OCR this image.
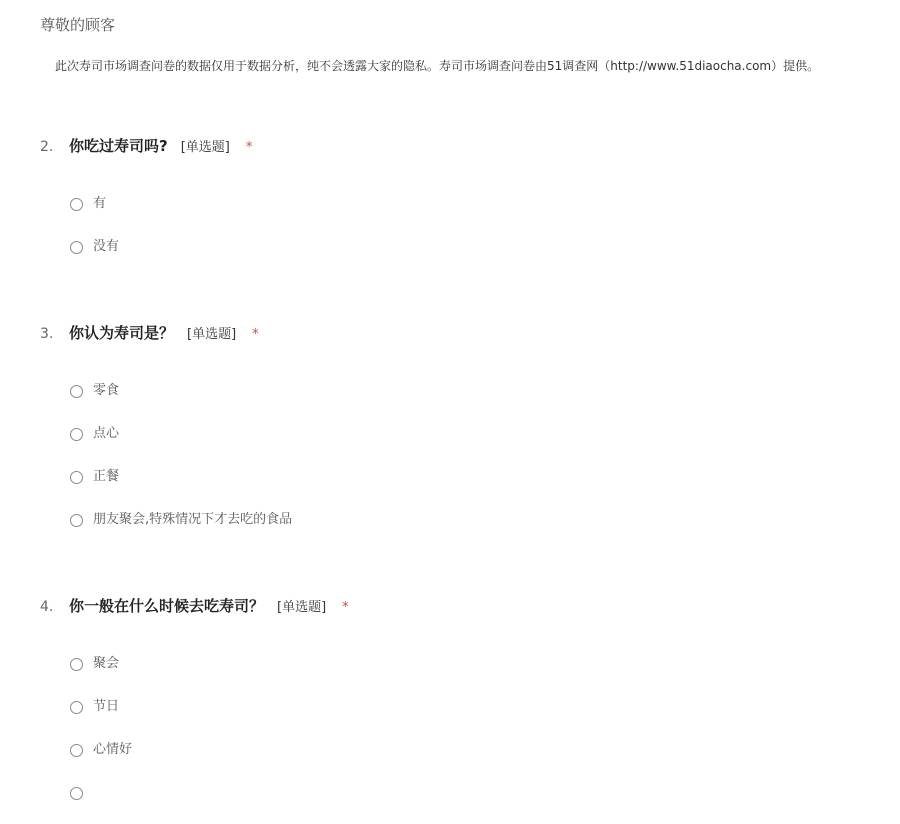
尊敬的顾客
此次寿司市场调查问卷的数据仅用于数据分析，纯不会透露大家的隐私。寿司市场调查问卷由51调查网（http://www.51diaocha.com）提供。
2.	你吃过寿司吗? [单选题] *
有
没有
3.	你认为寿司是？ [单选题] *
零食
点心
正餐
朋友聚会,特殊情况下才去吃的食品
4.	你一般在什么时候去吃寿司？ [单选题] *
聚会
节日
心情好
